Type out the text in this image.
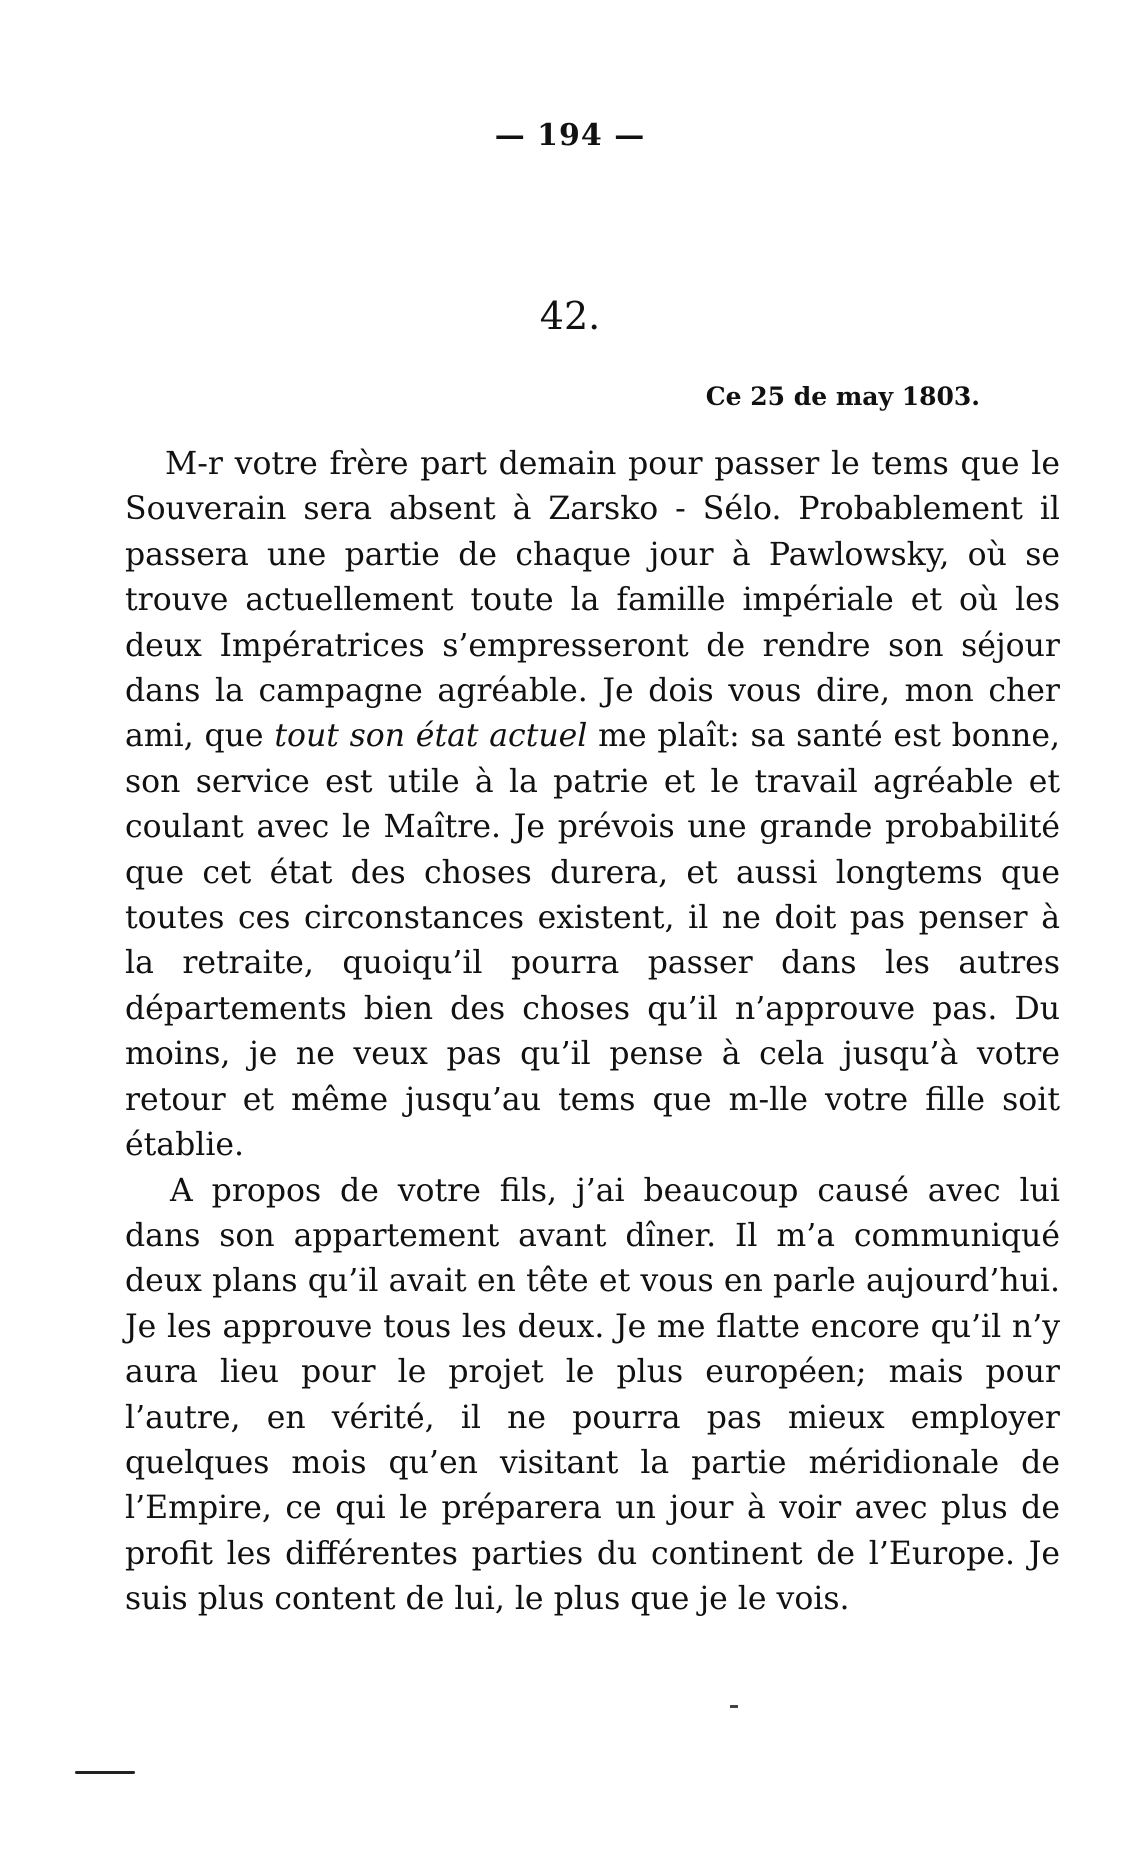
— 194 —
42.
Ce 25 de may 1803.

M-r votre frère part demain pour passer le tems que le Souverain sera absent à Zarsko - Sélo. Probablement il passera une partie de chaque jour à Pawlowsky, où se trouve actuellement toute la famille impériale et où les deux Impératrices s’empresseront de rendre son séjour dans la campagne agréable. Je dois vous dire, mon cher ami, que tout son état actuel me plaît: sa santé est bonne, son service est utile à la patrie et le travail agréable et coulant avec le Maître. Je prévois une grande probabilité que cet état des choses durera, et aussi longtems que toutes ces circonstances existent, il ne doit pas penser à la retraite, quoiqu’il pourra passer dans les autres départements bien des choses qu’il n’approuve pas. Du moins, je ne veux pas qu’il pense à cela jusqu’à votre retour et même jusqu’au tems que m-lle votre fille soit établie.

A propos de votre fils, j’ai beaucoup causé avec lui dans son appartement avant dîner. Il m’a communiqué deux plans qu’il avait en tête et vous en parle aujourd’hui. Je les approuve tous les deux. Je me flatte encore qu’il n’y aura lieu pour le projet le plus européen; mais pour l’autre, en vérité, il ne pourra pas mieux employer quelques mois qu’en visitant la partie méridionale de l’Empire, ce qui le préparera un jour à voir avec plus de profit les différentes parties du continent de l’Europe. Je suis plus content de lui, le plus que je le vois.
